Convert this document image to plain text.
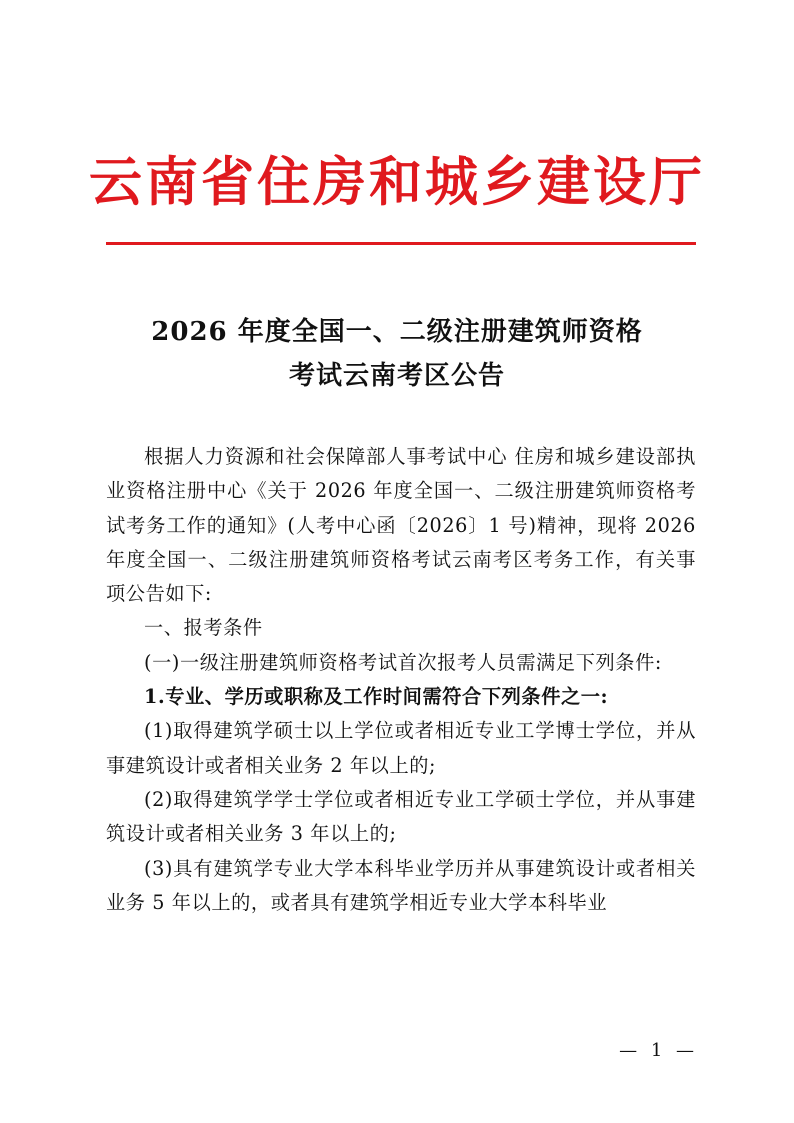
云南省住房和城乡建设厅
2026 年度全国一、二级注册建筑师资格
考试云南考区公告

根据人力资源和社会保障部人事考试中心 住房和城乡建设部执业资格注册中心《关于 2026 年度全国一、二级注册建筑师资格考试考务工作的通知》(人考中心函〔2026〕1 号)精神，现将 2026 年度全国一、二级注册建筑师资格考试云南考区考务工作，有关事项公告如下:

一、报考条件

(一)一级注册建筑师资格考试首次报考人员需满足下列条件:

1.专业、学历或职称及工作时间需符合下列条件之一:

(1)取得建筑学硕士以上学位或者相近专业工学博士学位，并从事建筑设计或者相关业务 2 年以上的;

(2)取得建筑学学士学位或者相近专业工学硕士学位，并从事建筑设计或者相关业务 3 年以上的;

(3)具有建筑学专业大学本科毕业学历并从事建筑设计或者相关业务 5 年以上的，或者具有建筑学相近专业大学本科毕业

— 1 —
